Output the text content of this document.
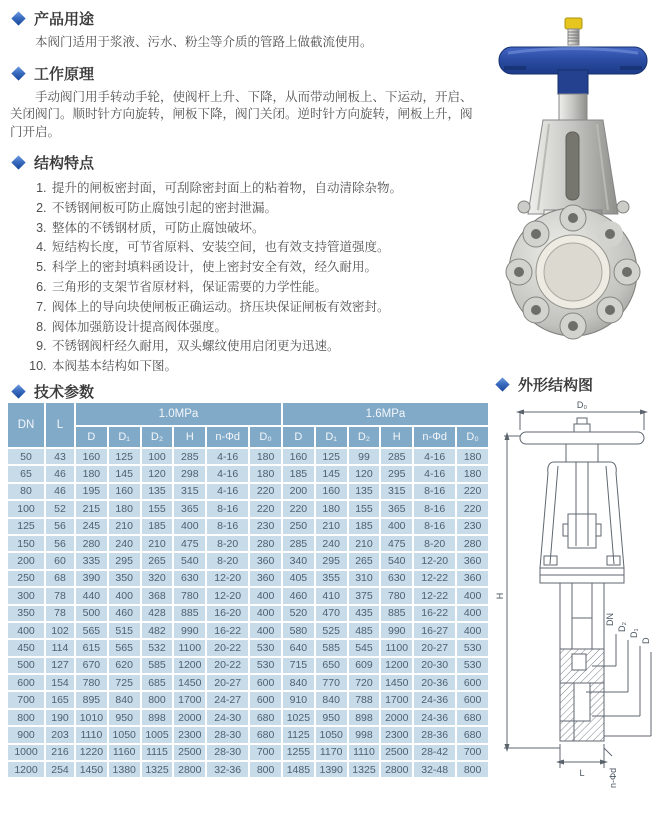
产品用途

本阀门适用于浆液、污水、粉尘等介质的管路上做截流使用。

工作原理

手动阀门用手转动手轮，使阀杆上升、下降，从而带动闸板上、下运动，开启、关闭阀门。顺时针方向旋转，闸板下降，阀门关闭。逆时针方向旋转，闸板上升，阀门开启。

结构特点
1. 提升的闸板密封面，可刮除密封面上的粘着物，自动清除杂物。
2. 不锈钢闸板可防止腐蚀引起的密封泄漏。
3. 整体的不锈钢材质，可防止腐蚀破坏。
4. 短结构长度，可节省原料、安装空间，也有效支持管道强度。
5. 科学上的密封填料函设计，使上密封安全有效，经久耐用。
6. 三角形的支架节省原材料，保证需要的力学性能。
7. 阀体上的导向块使闸板正确运动。挤压块保证闸板有效密封。
8. 阀体加强筋设计提高阀体强度。
9. 不锈钢阀杆经久耐用，双头螺纹使用启闭更为迅速。
10. 本阀基本结构如下图。
技术参数
DN	L	1.0MPa						1.6MPa					
		D	D₁	D₂	H	n-Φd	D₀	D	D₁	D₂	H	n-Φd	D₀
50	43	160	125	100	285	4-16	180	160	125	99	285	4-16	180
65	46	180	145	120	298	4-16	180	185	145	120	295	4-16	180
80	46	195	160	135	315	4-16	220	200	160	135	315	8-16	220
100	52	215	180	155	365	8-16	220	220	180	155	365	8-16	220
125	56	245	210	185	400	8-16	230	250	210	185	400	8-16	230
150	56	280	240	210	475	8-20	280	285	240	210	475	8-20	280
200	60	335	295	265	540	8-20	360	340	295	265	540	12-20	360
250	68	390	350	320	630	12-20	360	405	355	310	630	12-22	360
300	78	440	400	368	780	12-20	400	460	410	375	780	12-22	400
350	78	500	460	428	885	16-20	400	520	470	435	885	16-22	400
400	102	565	515	482	990	16-22	400	580	525	485	990	16-27	400
450	114	615	565	532	1100	20-22	530	640	585	545	1100	20-27	530
500	127	670	620	585	1200	20-22	530	715	650	609	1200	20-30	530
600	154	780	725	685	1450	20-27	600	840	770	720	1450	20-36	600
700	165	895	840	800	1700	24-27	600	910	840	788	1700	24-36	600
800	190	1010	950	898	2000	24-30	680	1025	950	898	2000	24-36	680
900	203	1110	1050	1005	2300	28-30	680	1125	1050	998	2300	28-36	680
1000	216	1220	1160	1115	2500	28-30	700	1255	1170	1110	2500	28-42	700
1200	254	1450	1380	1325	2800	32-36	800	1485	1390	1325	2800	32-48	800
外形结构图
D₀
H
DN
D₂
D₁
D
L	n-Φd
